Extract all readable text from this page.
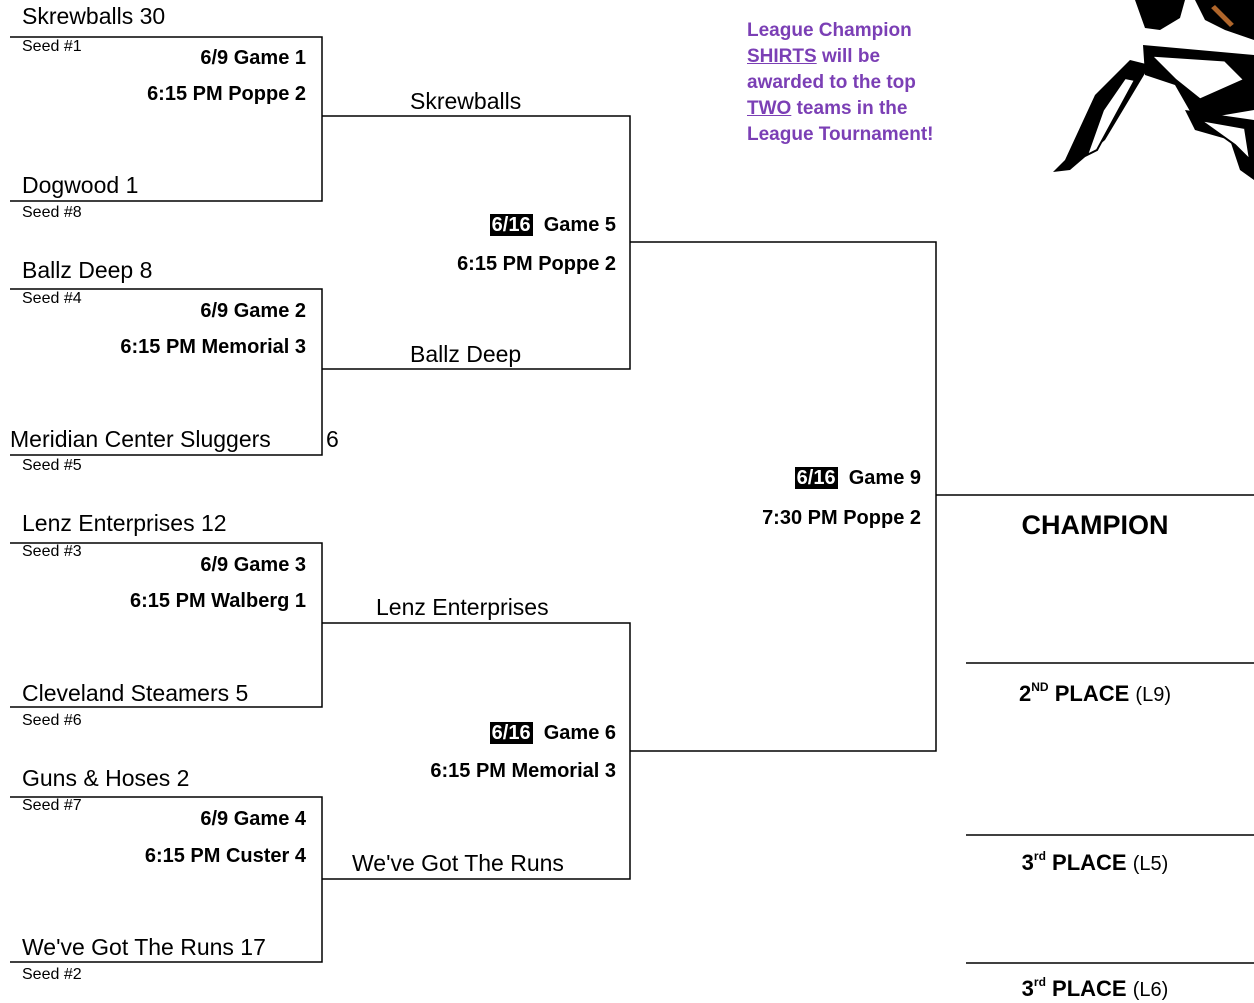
Skrewballs 30
Seed #1
6/9 Game 1
6:15 PM Poppe 2
Dogwood 1
Seed #8
Ballz Deep 8
Seed #4
6/9 Game 2
6:15 PM Memorial 3
Meridian Center Sluggers 6
Seed #5
Lenz Enterprises 12
Seed #3
6/9 Game 3
6:15 PM Walberg 1
Cleveland Steamers 5
Seed #6
Guns & Hoses 2
Seed #7
6/9 Game 4
6:15 PM Custer 4
We've Got The Runs 17
Seed #2
Skrewballs
6/16 Game 5
6:15 PM Poppe 2
Ballz Deep
Lenz Enterprises
6/16 Game 6
6:15 PM Memorial 3
We've Got The Runs
6/16 Game 9
7:30 PM Poppe 2	CHAMPION
2ND PLACE (L9)
3rd PLACE (L5)
3rd PLACE (L6)
League Champion
SHIRTS will be
awarded to the top
TWO teams in the
League Tournament!
